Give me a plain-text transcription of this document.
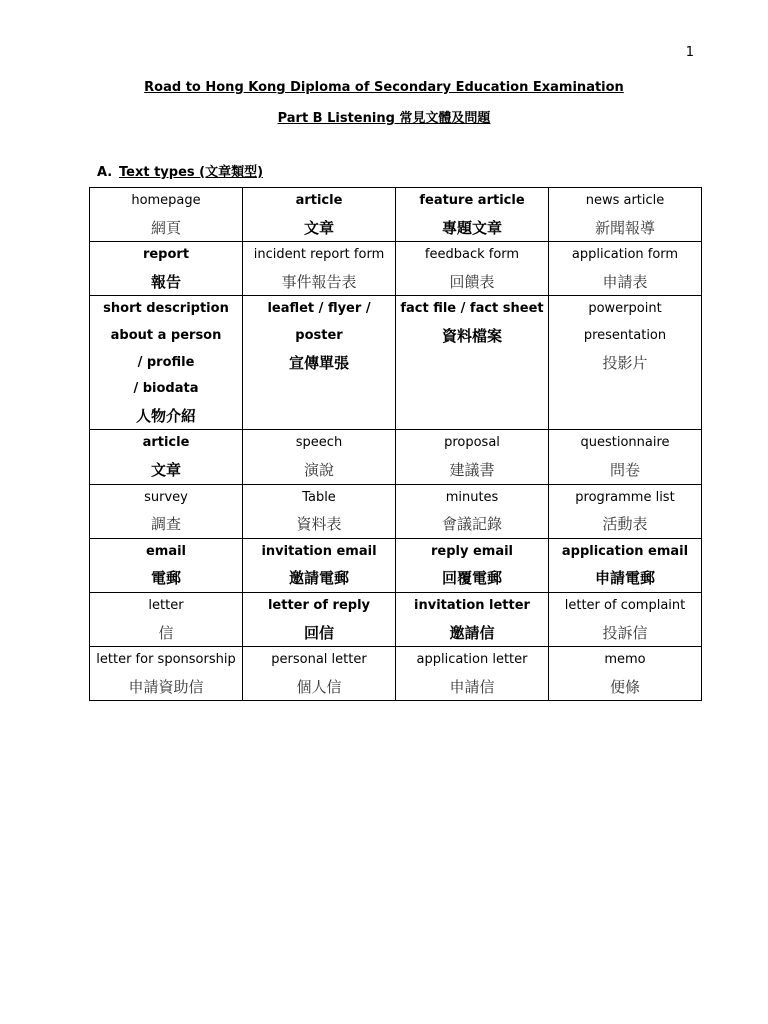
1
Road to Hong Kong Diploma of Secondary Education Examination
Part B Listening 常見文體及問題
A. Text types (文章類型)
homepage
網頁	article
文章	feature article
專題文章	news article
新聞報導

report
報告	incident report form
事件報告表	feedback form
回饋表	application form
申請表

short description
about a person
/ profile
/ biodata
人物介紹	leaflet / flyer / poster
宣傳單張	fact file / fact sheet
資料檔案	powerpoint
presentation
投影片

article
文章	speech
演說	proposal
建議書	questionnaire
問卷

survey
調查	Table
資料表	minutes
會議記錄	programme list
活動表

email
電郵	invitation email
邀請電郵	reply email
回覆電郵	application email
申請電郵

letter
信	letter of reply
回信	invitation letter
邀請信	letter of complaint
投訴信

letter for sponsorship
申請資助信	personal letter
個人信	application letter
申請信	memo
便條
